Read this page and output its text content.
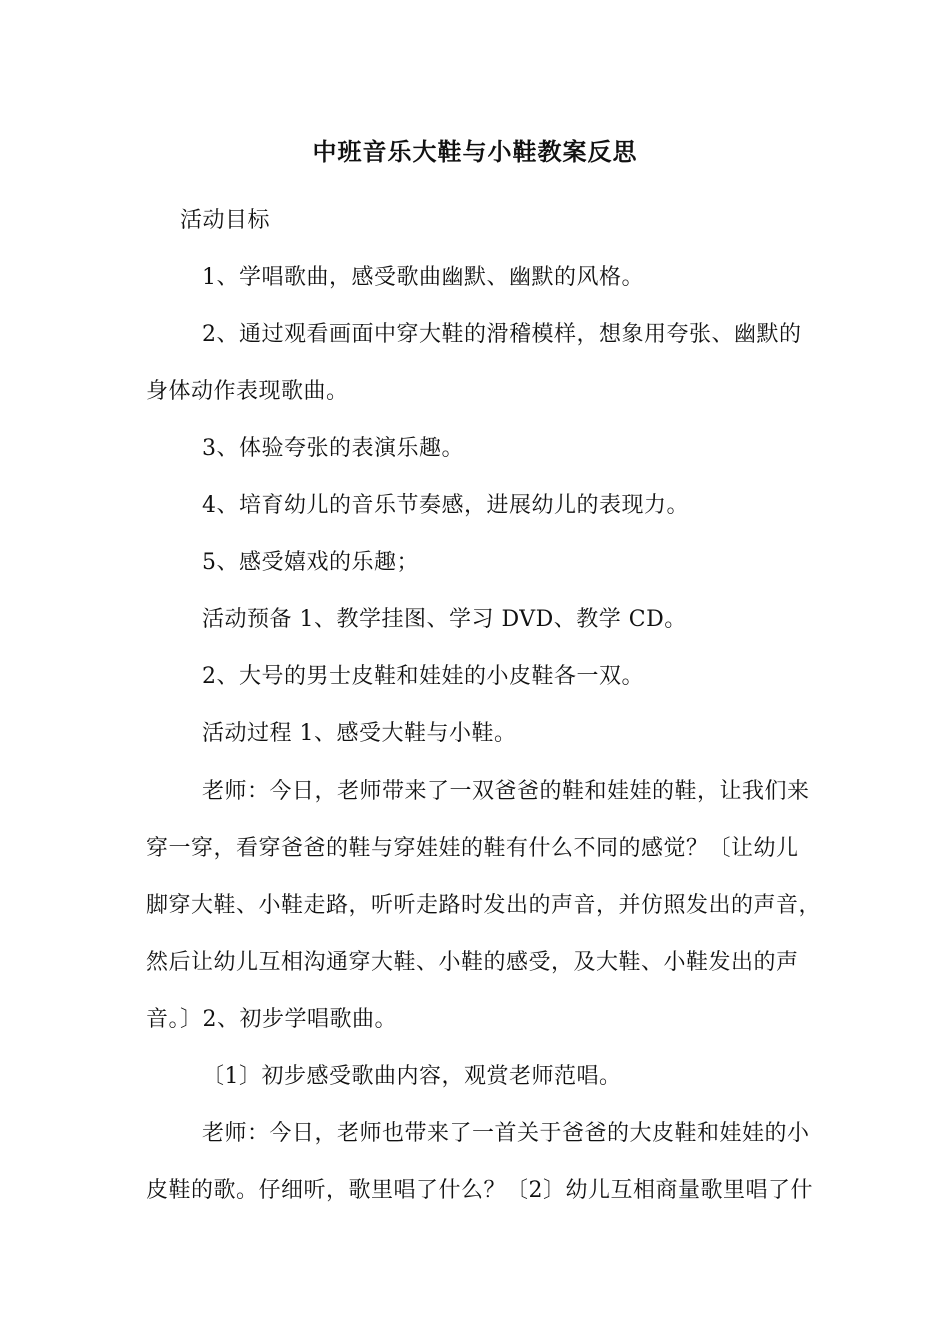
中班音乐大鞋与小鞋教案反思
活动目标
1、学唱歌曲，感受歌曲幽默、幽默的风格。
2、通过观看画面中穿大鞋的滑稽模样，想象用夸张、幽默的
身体动作表现歌曲。
3、体验夸张的表演乐趣。
4、培育幼儿的音乐节奏感，进展幼儿的表现力。
5、感受嬉戏的乐趣；
活动预备 1、教学挂图、学习 DVD、教学 CD。
2、大号的男士皮鞋和娃娃的小皮鞋各一双。
活动过程 1、感受大鞋与小鞋。
老师：今日，老师带来了一双爸爸的鞋和娃娃的鞋，让我们来
穿一穿，看穿爸爸的鞋与穿娃娃的鞋有什么不同的感觉？〔让幼儿
脚穿大鞋、小鞋走路，听听走路时发出的声音，并仿照发出的声音，
然后让幼儿互相沟通穿大鞋、小鞋的感受，及大鞋、小鞋发出的声
音。〕2、初步学唱歌曲。
〔1〕初步感受歌曲内容，观赏老师范唱。
老师：今日，老师也带来了一首关于爸爸的大皮鞋和娃娃的小
皮鞋的歌。仔细听，歌里唱了什么？〔2〕幼儿互相商量歌里唱了什
